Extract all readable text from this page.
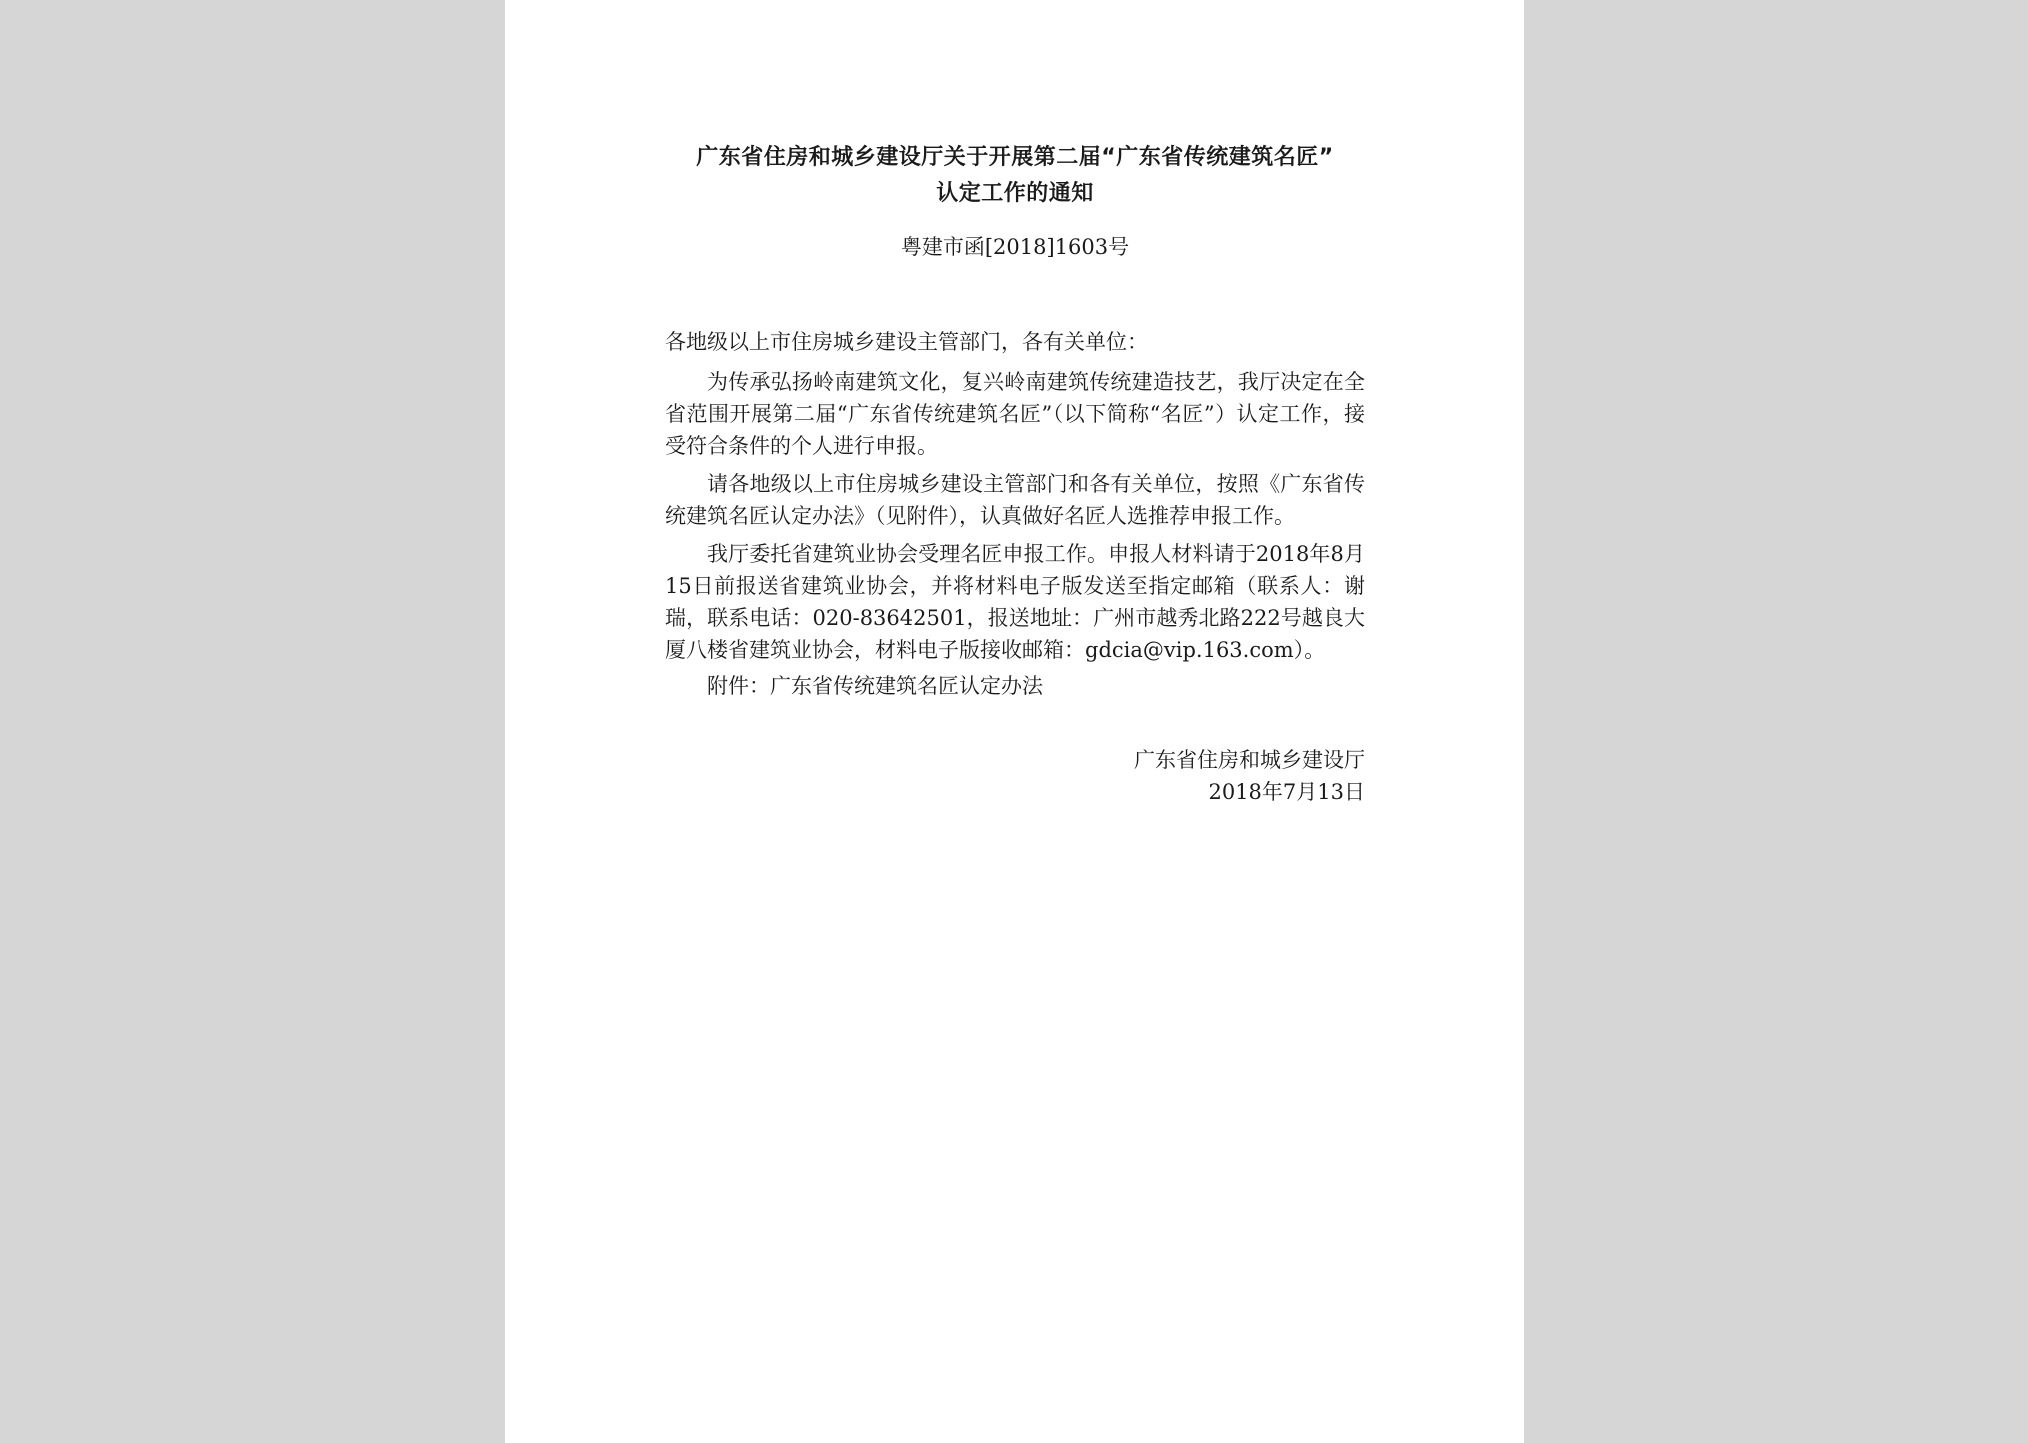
广东省住房和城乡建设厅关于开展第二届“广东省传统建筑名匠”
认定工作的通知
粤建市函[2018]1603号
各地级以上市住房城乡建设主管部门，各有关单位：

为传承弘扬岭南建筑文化，复兴岭南建筑传统建造技艺，我厅决定在全省范围开展第二届“广东省传统建筑名匠”（以下简称“名匠”）认定工作，接受符合条件的个人进行申报。

请各地级以上市住房城乡建设主管部门和各有关单位，按照《广东省传统建筑名匠认定办法》（见附件），认真做好名匠人选推荐申报工作。

我厅委托省建筑业协会受理名匠申报工作。申报人材料请于2018年8月15日前报送省建筑业协会，并将材料电子版发送至指定邮箱（联系人：谢瑞，联系电话：020-83642501，报送地址：广州市越秀北路222号越良大厦八楼省建筑业协会，材料电子版接收邮箱：gdcia@vip.163.com）。

附件：广东省传统建筑名匠认定办法

广东省住房和城乡建设厅
2018年7月13日
